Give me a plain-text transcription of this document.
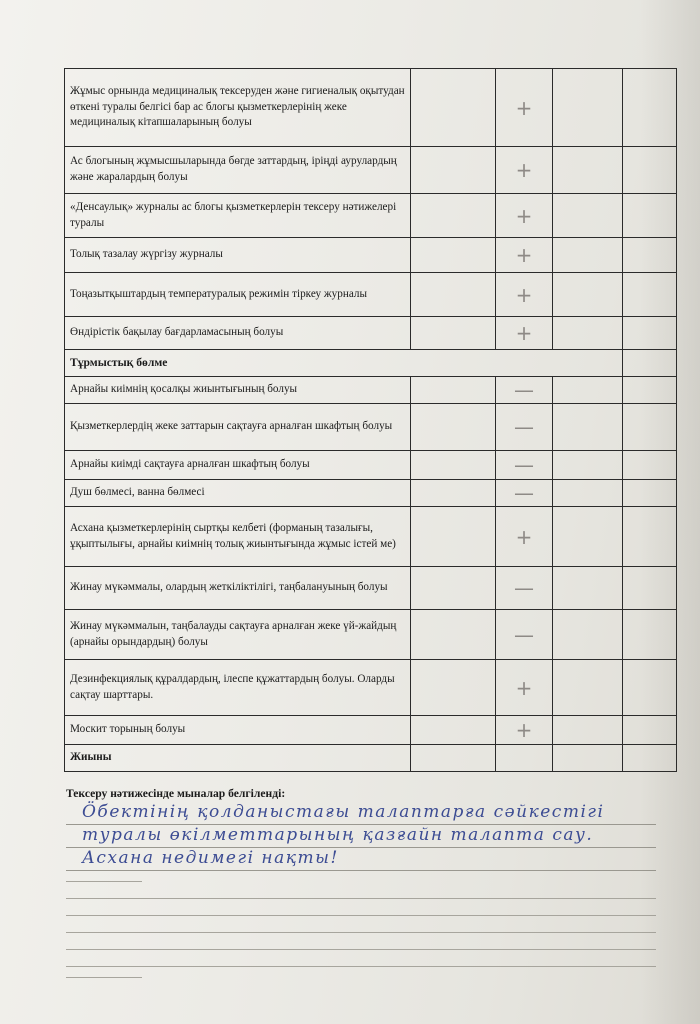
Жұмыс орнында медициналық тексеруден және гигиеналық оқытудан өткені туралы белгісі бар ас блогы қызметкерлерінің жеке медициналық кітапшаларының болуы		+		

Ас блогының жұмысшыларында бөгде заттардың, іріңді аурулардың және жаралардың болуы		+		

«Денсаулық» журналы ас блогы қызметкерлерін тексеру нәтижелері туралы		+		

Толық тазалау жүргізу журналы		+		

Тоңазытқыштардың температуралық режимін тіркеу журналы		+		

Өндірістік бақылау бағдарламасының болуы		+		

Тұрмыстық бөлме				
Арнайы киімнің қосалқы жиынтығының болуы		—		

Қызметкерлердің жеке заттарын сақтауға арналған шкафтың болуы		—		

Арнайы киімді сақтауға арналған шкафтың болуы		—		

Душ бөлмесі, ванна бөлмесі		—		

Асхана қызметкерлерінің сыртқы келбеті (форманың тазалығы, ұқыптылығы, арнайы киімнің толық жиынтығында жұмыс істей ме)		+		

Жинау мүкәммалы, олардың жеткіліктілігі, таңбалануының болуы		—		

Жинау мүкәммалын, таңбалауды сақтауға арналған жеке үй-жайдың (арнайы орындардың) болуы		—		

Дезинфекциялық құралдардың, ілеспе құжаттардың болуы. Оларды сақтау шарттары.		+		

Москит торының болуы		+		

Жиыны				
Тексеру нәтижесінде мыналар белгіленді:
Ӧбектінің қолданыстағы талаптарға сәйкестігі
туралы өкілметтарының қазғайн талапта сау.
Асхана недимегі нақты!
